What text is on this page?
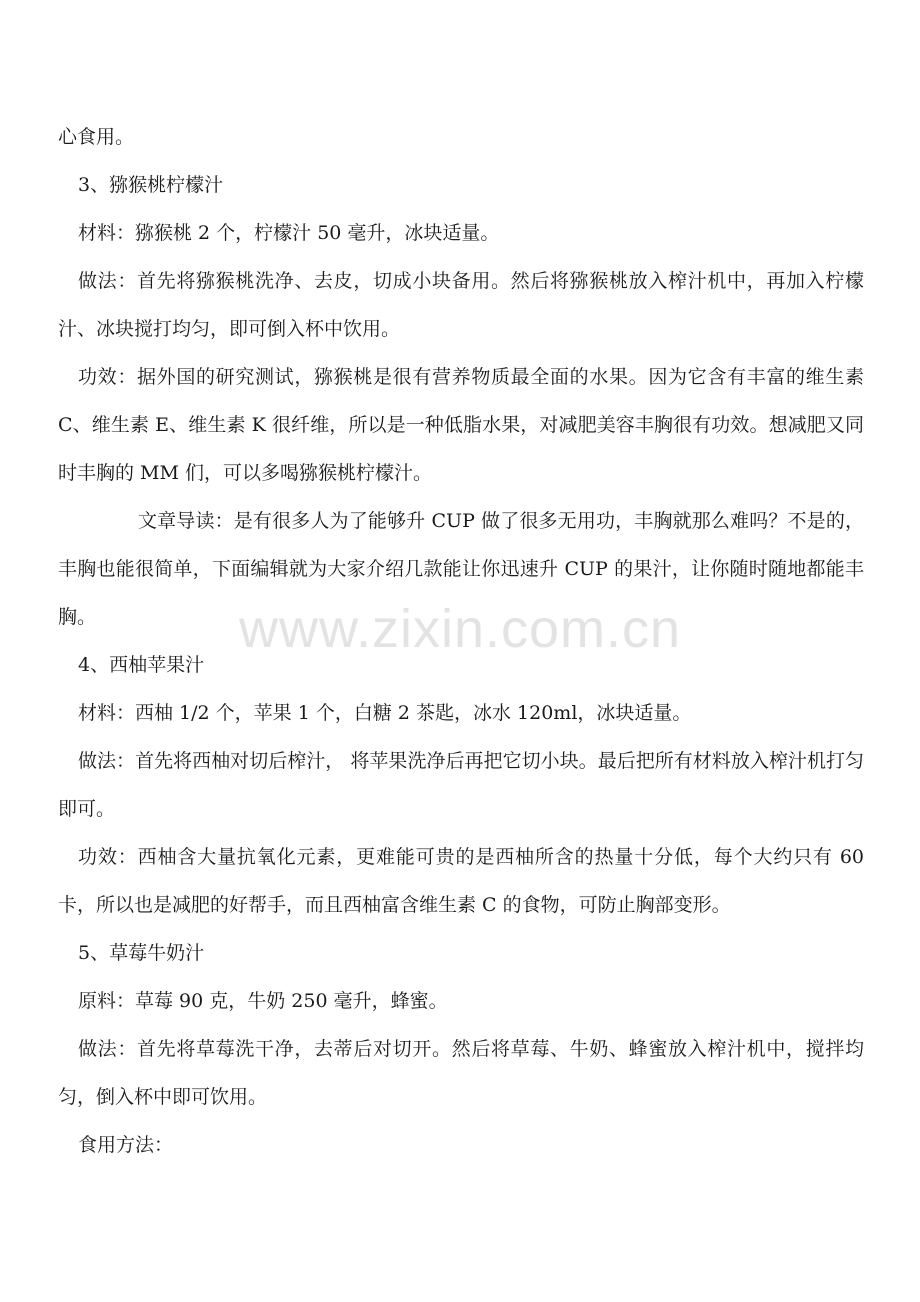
心食用。

3、猕猴桃柠檬汁

材料：猕猴桃 2 个，柠檬汁 50 毫升，冰块适量。

做法：首先将猕猴桃洗净、去皮，切成小块备用。然后将猕猴桃放入榨汁机中，再加入柠檬汁、冰块搅打均匀，即可倒入杯中饮用。

功效：据外国的研究测试，猕猴桃是很有营养物质最全面的水果。因为它含有丰富的维生素 C、维生素 E、维生素 K 很纤维，所以是一种低脂水果，对减肥美容丰胸很有功效。想减肥又同时丰胸的 MM 们，可以多喝猕猴桃柠檬汁。

文章导读：是有很多人为了能够升 CUP 做了很多无用功，丰胸就那么难吗？不是的，丰胸也能很简单，下面编辑就为大家介绍几款能让你迅速升 CUP 的果汁，让你随时随地都能丰胸。

4、西柚苹果汁

材料：西柚 1/2 个，苹果 1 个，白糖 2 茶匙，冰水 120ml，冰块适量。

做法：首先将西柚对切后榨汁， 将苹果洗净后再把它切小块。最后把所有材料放入榨汁机打匀即可。

功效：西柚含大量抗氧化元素，更难能可贵的是西柚所含的热量十分低，每个大约只有 60 卡，所以也是减肥的好帮手，而且西柚富含维生素 C 的食物，可防止胸部变形。

5、草莓牛奶汁

原料：草莓 90 克，牛奶 250 毫升，蜂蜜。

做法：首先将草莓洗干净，去蒂后对切开。然后将草莓、牛奶、蜂蜜放入榨汁机中，搅拌均匀，倒入杯中即可饮用。

食用方法：

www.zixin.com.cn
